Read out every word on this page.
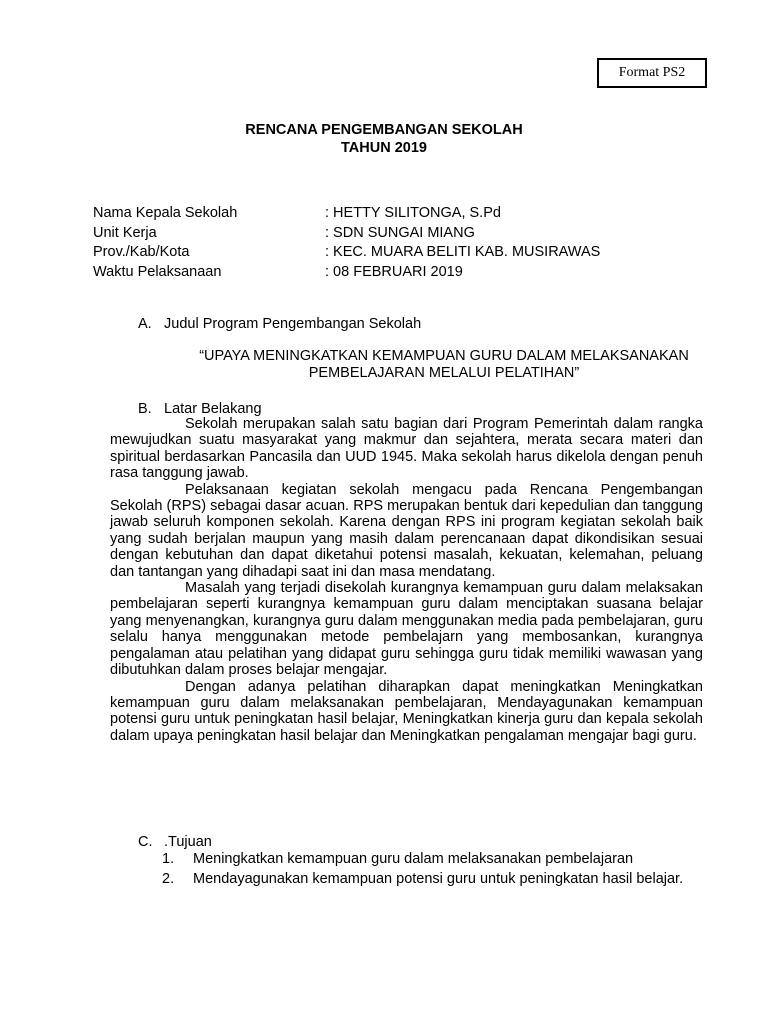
Format PS2
RENCANA PENGEMBANGAN SEKOLAH
TAHUN 2019
Nama Kepala Sekolah	: HETTY SILITONGA, S.Pd
Unit Kerja	: SDN SUNGAI MIANG
Prov./Kab/Kota	: KEC. MUARA BELITI KAB. MUSIRAWAS
Waktu Pelaksanaan	: 08 FEBRUARI 2019
A. Judul Program Pengembangan Sekolah
“UPAYA MENINGKATKAN KEMAMPUAN GURU DALAM MELAKSANAKAN
PEMBELAJARAN MELALUI PELATIHAN”
B. Latar Belakang

Sekolah merupakan salah satu bagian dari Program Pemerintah dalam rangka mewujudkan suatu masyarakat yang makmur dan sejahtera, merata secara materi dan spiritual berdasarkan Pancasila dan UUD 1945. Maka sekolah harus dikelola dengan penuh rasa tanggung jawab.

Pelaksanaan kegiatan sekolah mengacu pada Rencana Pengembangan Sekolah (RPS) sebagai dasar acuan. RPS merupakan bentuk dari kepedulian dan tanggung jawab seluruh komponen sekolah. Karena dengan RPS ini program kegiatan sekolah baik yang sudah berjalan maupun yang masih dalam perencanaan dapat dikondisikan sesuai dengan kebutuhan dan dapat diketahui potensi masalah, kekuatan, kelemahan, peluang dan tantangan yang dihadapi saat ini dan masa mendatang.

Masalah yang terjadi disekolah kurangnya kemampuan guru dalam melaksakan pembelajaran seperti kurangnya kemampuan guru dalam menciptakan suasana belajar yang menyenangkan, kurangnya guru dalam menggunakan media pada pembelajaran, guru selalu hanya menggunakan metode pembelajarn yang membosankan, kurangnya pengalaman atau pelatihan yang didapat guru sehingga guru tidak memiliki wawasan yang dibutuhkan dalam proses belajar mengajar.

Dengan adanya pelatihan diharapkan dapat meningkatkan Meningkatkan kemampuan guru dalam melaksanakan pembelajaran, Mendayagunakan kemampuan potensi guru untuk peningkatan hasil belajar, Meningkatkan kinerja guru dan kepala sekolah dalam upaya peningkatan hasil belajar dan Meningkatkan pengalaman mengajar bagi guru.

C. .Tujuan
1.	Meningkatkan kemampuan guru dalam melaksanakan pembelajaran
2.	Mendayagunakan kemampuan potensi guru untuk peningkatan hasil belajar.
